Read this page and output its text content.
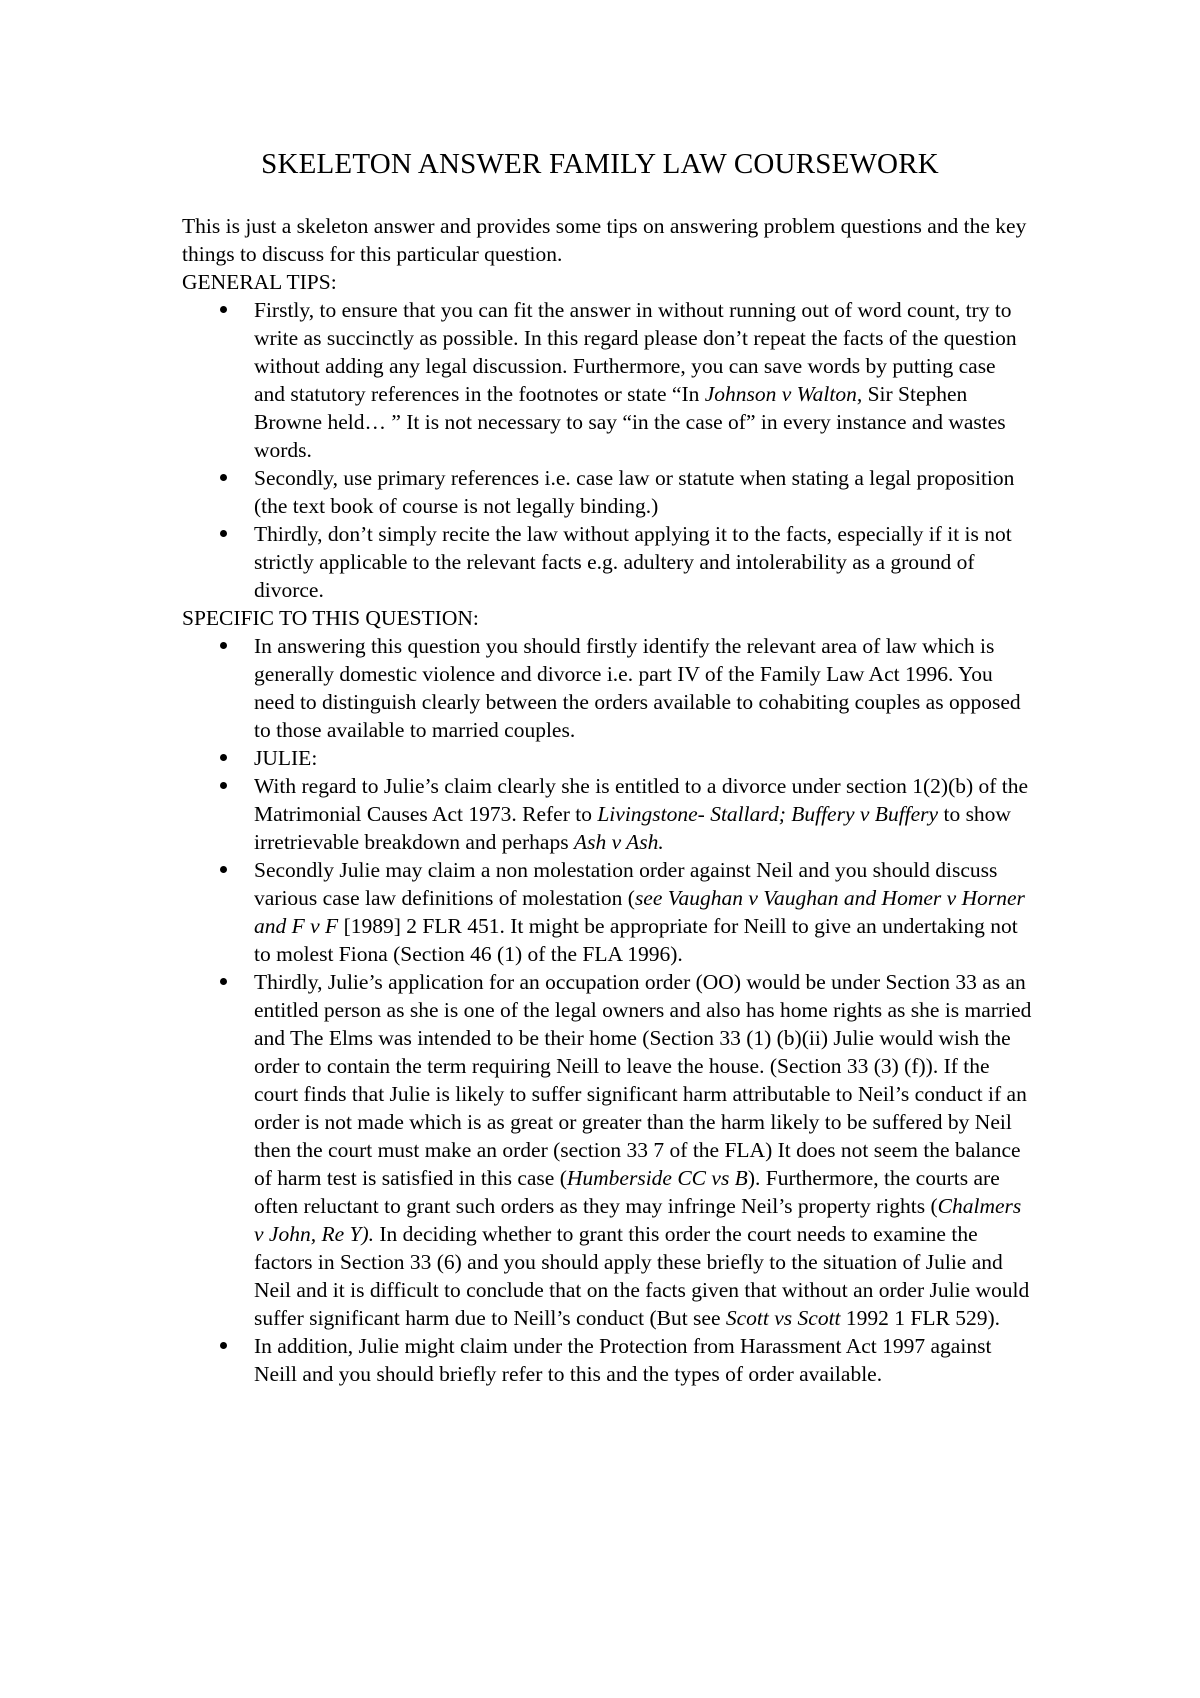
SKELETON ANSWER FAMILY LAW COURSEWORK

This is just a skeleton answer and provides some tips on answering problem questions and the key things to discuss for this particular question.

GENERAL TIPS:

Firstly, to ensure that you can fit the answer in without running out of word count, try to write as succinctly as possible. In this regard please don’t repeat the facts of the question without adding any legal discussion. Furthermore, you can save words by putting case and statutory references in the footnotes or state “In Johnson v Walton, Sir Stephen Browne held… ” It is not necessary to say “in the case of” in every instance and wastes words.
Secondly, use primary references i.e. case law or statute when stating a legal proposition (the text book of course is not legally binding.)
Thirdly, don’t simply recite the law without applying it to the facts, especially if it is not strictly applicable to the relevant facts e.g. adultery and intolerability as a ground of divorce.

SPECIFIC TO THIS QUESTION:

In answering this question you should firstly identify the relevant area of law which is generally domestic violence and divorce i.e. part IV of the Family Law Act 1996. You need to distinguish clearly between the orders available to cohabiting couples as opposed to those available to married couples.
JULIE:
With regard to Julie’s claim clearly she is entitled to a divorce under section 1(2)(b) of the Matrimonial Causes Act 1973. Refer to Livingstone- Stallard; Buffery v Buffery to show irretrievable breakdown and perhaps Ash v Ash.
Secondly Julie may claim a non molestation order against Neil and you should discuss various case law definitions of molestation (see Vaughan v Vaughan and Homer v Horner and F v F [1989] 2 FLR 451. It might be appropriate for Neill to give an undertaking not to molest Fiona (Section 46 (1) of the FLA 1996).
Thirdly, Julie’s application for an occupation order (OO) would be under Section 33 as an entitled person as she is one of the legal owners and also has home rights as she is married and The Elms was intended to be their home (Section 33 (1) (b)(ii) Julie would wish the order to contain the term requiring Neill to leave the house. (Section 33 (3) (f)). If the court finds that Julie is likely to suffer significant harm attributable to Neil’s conduct if an order is not made which is as great or greater than the harm likely to be suffered by Neil then the court must make an order (section 33 7 of the FLA) It does not seem the balance of harm test is satisfied in this case (Humberside CC vs B). Furthermore, the courts are often reluctant to grant such orders as they may infringe Neil’s property rights (Chalmers v John, Re Y). In deciding whether to grant this order the court needs to examine the factors in Section 33 (6) and you should apply these briefly to the situation of Julie and Neil and it is difficult to conclude that on the facts given that without an order Julie would suffer significant harm due to Neill’s conduct (But see Scott vs Scott 1992 1 FLR 529).
In addition, Julie might claim under the Protection from Harassment Act 1997 against Neill and you should briefly refer to this and the types of order available.
